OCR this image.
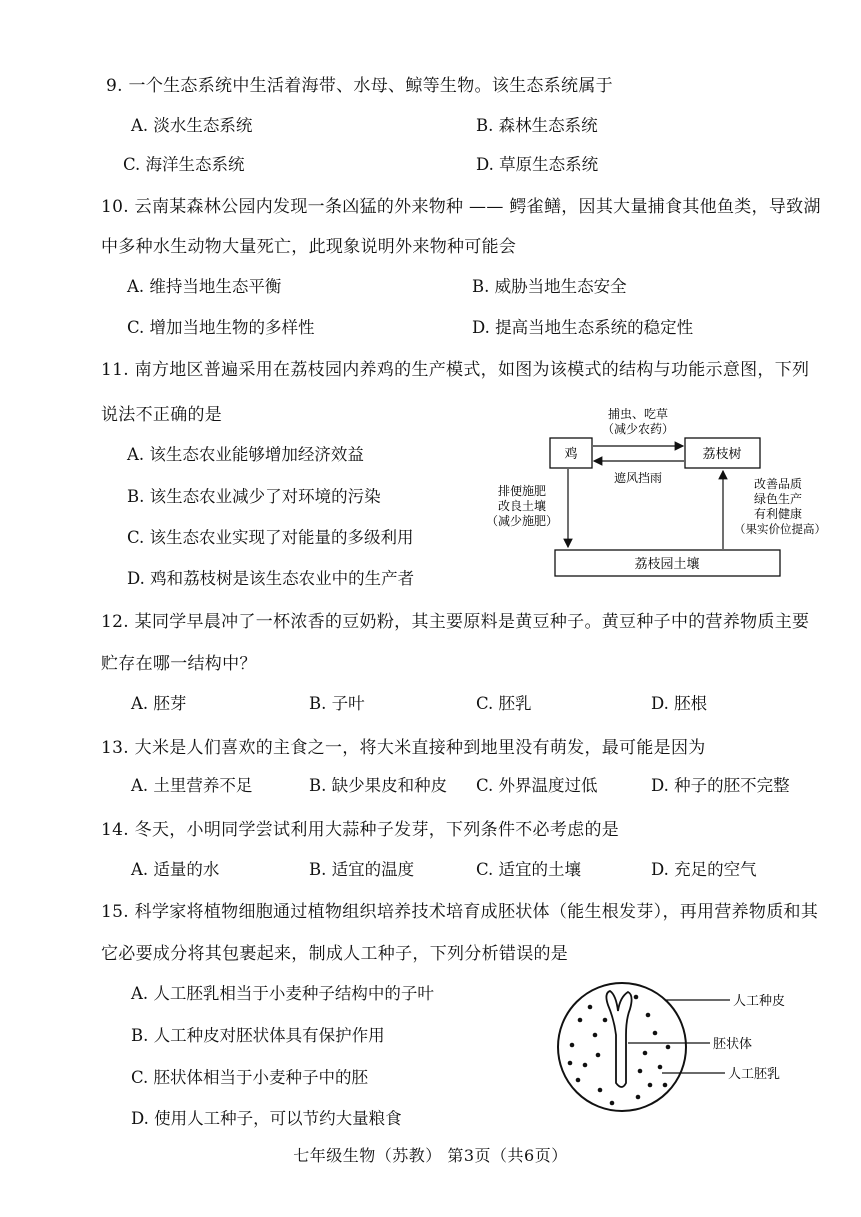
9. 一个生态系统中生活着海带、水母、鲸等生物。该生态系统属于
A. 淡水生态系统	B. 森林生态系统
C. 海洋生态系统	D. 草原生态系统
10. 云南某森林公园内发现一条凶猛的外来物种 —— 鳄雀鳝，因其大量捕食其他鱼类，导致湖
中多种水生动物大量死亡，此现象说明外来物种可能会
A. 维持当地生态平衡	B. 威胁当地生态安全
C. 增加当地生物的多样性	D. 提高当地生态系统的稳定性
11. 南方地区普遍采用在荔枝园内养鸡的生产模式，如图为该模式的结构与功能示意图，下列
说法不正确的是
A. 该生态农业能够增加经济效益
B. 该生态农业减少了对环境的污染
C. 该生态农业实现了对能量的多级利用
D. 鸡和荔枝树是该生态农业中的生产者
鸡	荔枝树
荔枝园土壤
捕虫、吃草
（减少农药）
遮风挡雨
排便施肥
改良土壤
（减少施肥）
改善品质
绿色生产
有利健康
（果实价位提高）
12. 某同学早晨冲了一杯浓香的豆奶粉，其主要原料是黄豆种子。黄豆种子中的营养物质主要
贮存在哪一结构中？
A. 胚芽	B. 子叶	C. 胚乳	D. 胚根
13. 大米是人们喜欢的主食之一，将大米直接种到地里没有萌发，最可能是因为
A. 土里营养不足	B. 缺少果皮和种皮 C. 外界温度过低	D. 种子的胚不完整
14. 冬天，小明同学尝试利用大蒜种子发芽，下列条件不必考虑的是
A. 适量的水	B. 适宜的温度	C. 适宜的土壤	D. 充足的空气
15. 科学家将植物细胞通过植物组织培养技术培育成胚状体（能生根发芽），再用营养物质和其
它必要成分将其包裹起来，制成人工种子，下列分析错误的是
A. 人工胚乳相当于小麦种子结构中的子叶
B. 人工种皮对胚状体具有保护作用
C. 胚状体相当于小麦种子中的胚
D. 使用人工种子，可以节约大量粮食
人工种皮
胚状体
人工胚乳
七年级生物（苏教） 第3页（共6页）
